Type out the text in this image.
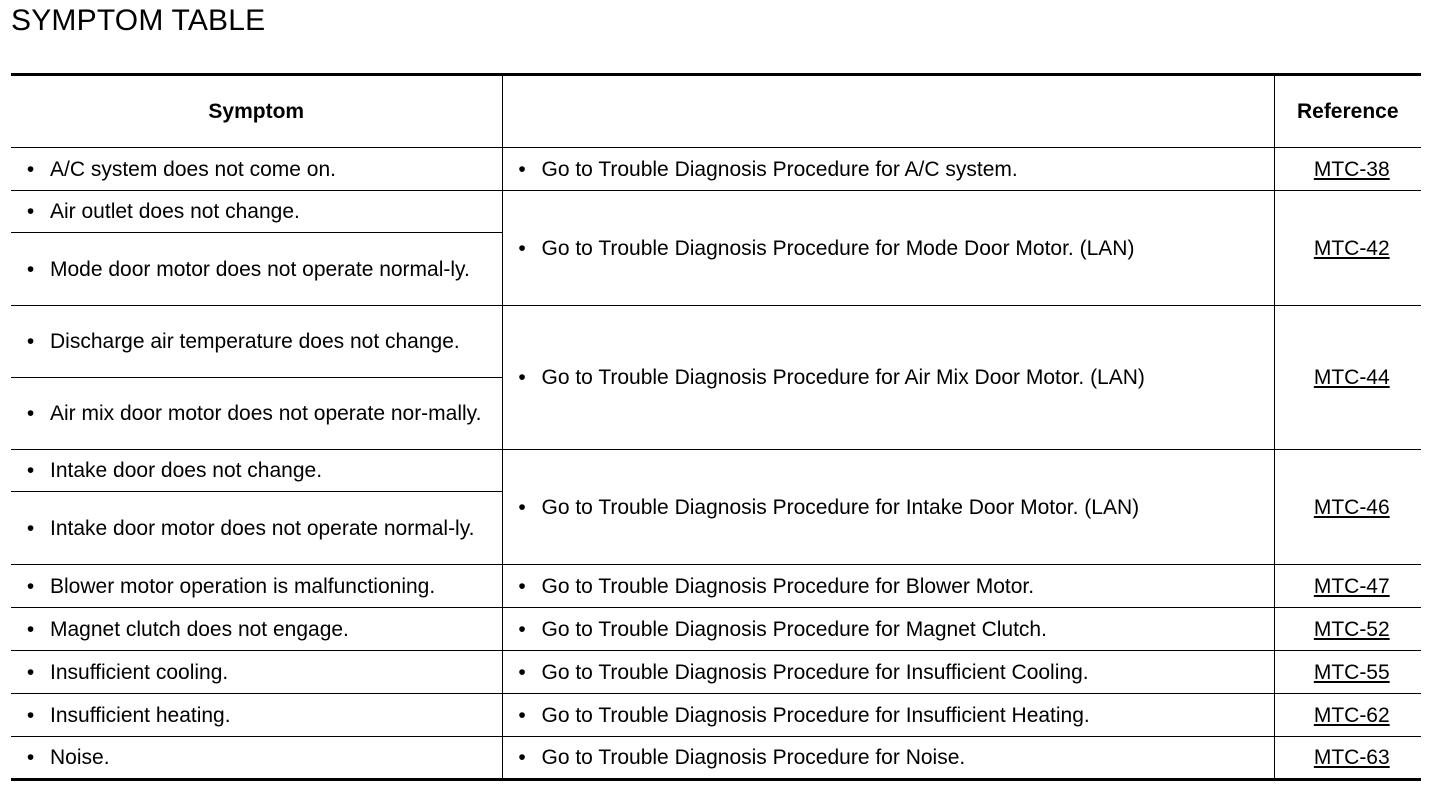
SYMPTOM TABLE
Symptom		Reference

• A/C system does not come on.	• Go to Trouble Diagnosis Procedure for A/C system.	MTC-38

• Air outlet does not change.	• Go to Trouble Diagnosis Procedure for Mode Door Motor. (LAN)	MTC-42

• Mode door motor does not operate normal-ly.		

• Discharge air temperature does not change.	• Go to Trouble Diagnosis Procedure for Air Mix Door Motor. (LAN)	MTC-44

• Air mix door motor does not operate nor-mally.		

• Intake door does not change.	• Go to Trouble Diagnosis Procedure for Intake Door Motor. (LAN)	MTC-46

• Intake door motor does not operate normal-ly.		

• Blower motor operation is malfunctioning.	• Go to Trouble Diagnosis Procedure for Blower Motor.	MTC-47

• Magnet clutch does not engage.	• Go to Trouble Diagnosis Procedure for Magnet Clutch.	MTC-52

• Insufficient cooling.	• Go to Trouble Diagnosis Procedure for Insufficient Cooling.	MTC-55

• Insufficient heating.	• Go to Trouble Diagnosis Procedure for Insufficient Heating.	MTC-62

• Noise.	• Go to Trouble Diagnosis Procedure for Noise.	MTC-63
